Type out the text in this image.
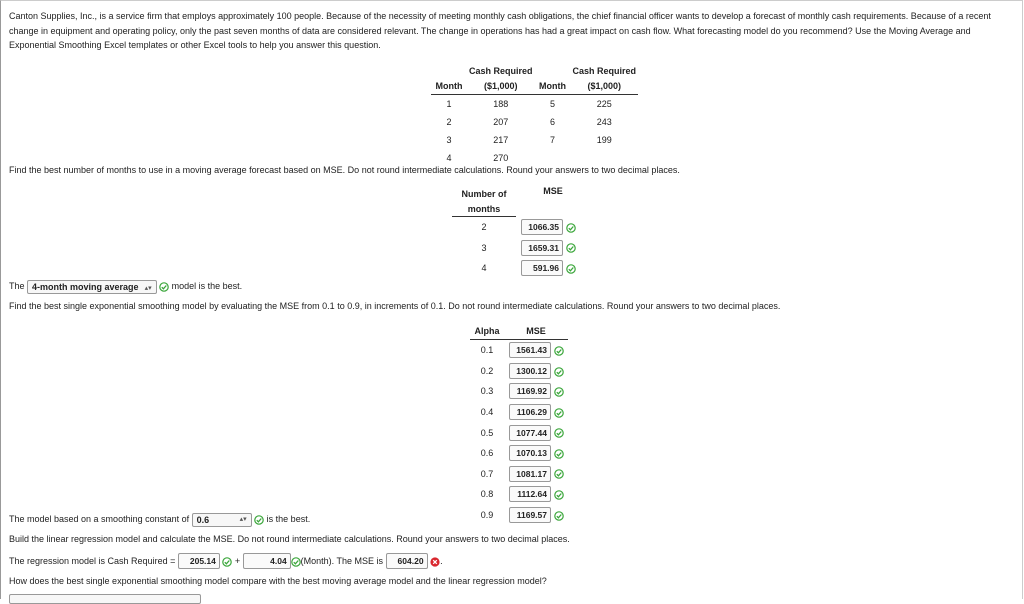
Canton Supplies, Inc., is a service firm that employs approximately 100 people. Because of the necessity of meeting monthly cash obligations, the chief financial officer wants to develop a forecast of monthly cash requirements. Because of a recent change in equipment and operating policy, only the past seven months of data are considered relevant. The change in operations has had a great impact on cash flow. What forecasting model do you recommend? Use the Moving Average and Exponential Smoothing Excel templates or other Excel tools to help you answer this question.

	Cash Required		Cash Required
Month	($1,000)	Month	($1,000)
1	188	5	225
2	207	6	243
3	217	7	199
4	270		

Find the best number of months to use in a moving average forecast based on MSE. Do not round intermediate calculations. Round your answers to two decimal places.

Number of	MSE
months	
2	1066.35
3	1659.31
4	591.96

The 4-month moving average ▴▾ model is the best.

Find the best single exponential smoothing model by evaluating the MSE from 0.1 to 0.9, in increments of 0.1. Do not round intermediate calculations. Round your answers to two decimal places.

Alpha	MSE
0.1	1561.43
0.2	1300.12
0.3	1169.92
0.4	1106.29
0.5	1077.44
0.6	1070.13
0.7	1081.17
0.8	1112.64
0.9	1169.57

The model based on a smoothing constant of 0.6	▴▾ is the best.

Build the linear regression model and calculate the MSE. Do not round intermediate calculations. Round your answers to two decimal places.

The regression model is Cash Required = 205.14 +	4.04 (Month). The MSE is 604.20 .

How does the best single exponential smoothing model compare with the best moving average model and the linear regression model?
